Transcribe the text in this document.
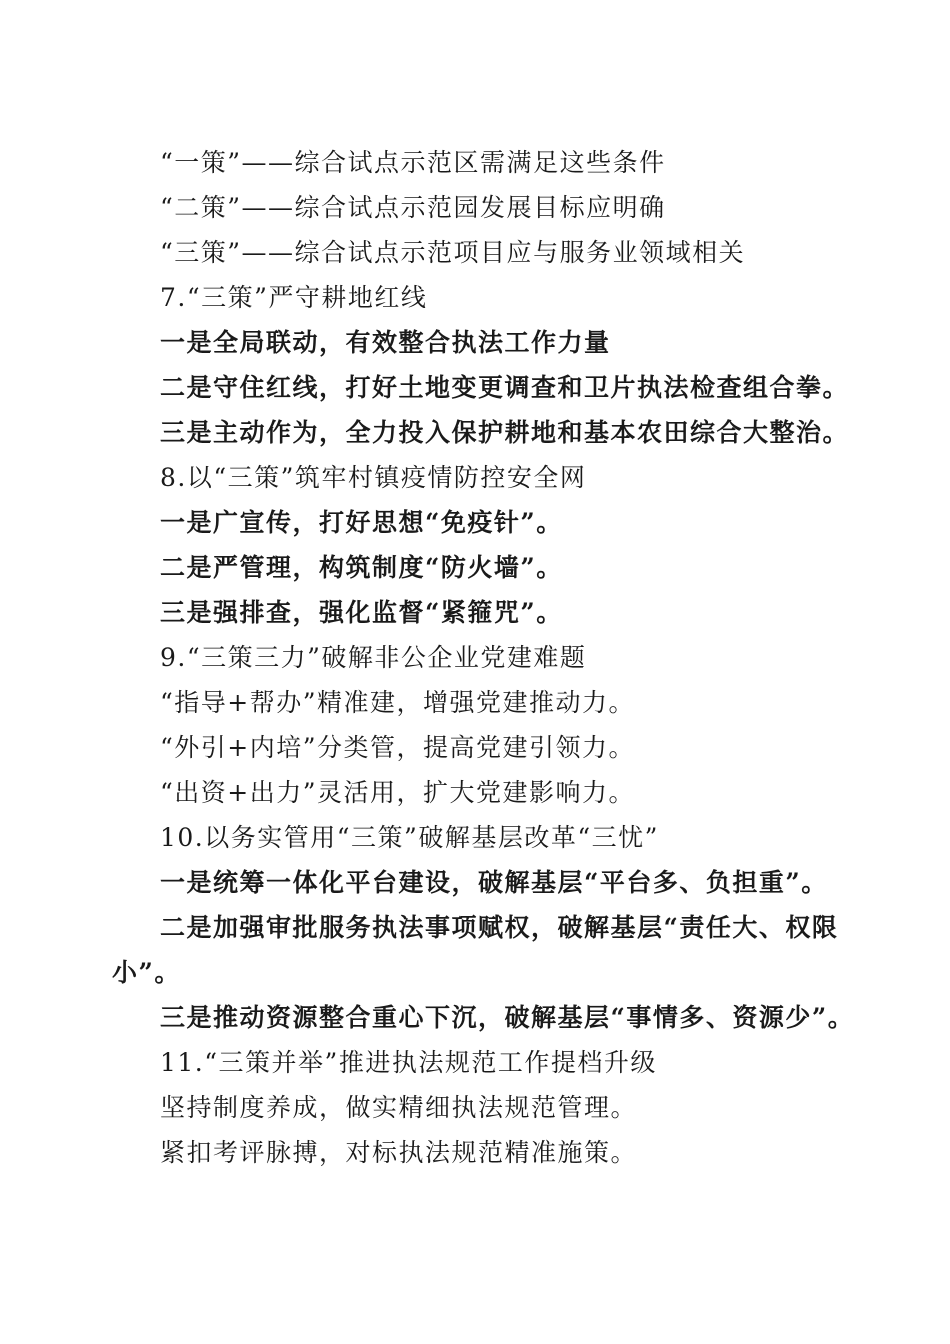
“一策”——综合试点示范区需满足这些条件
“二策”——综合试点示范园发展目标应明确
“三策”——综合试点示范项目应与服务业领域相关
7.“三策”严守耕地红线
一是全局联动，有效整合执法工作力量
二是守住红线，打好土地变更调查和卫片执法检查组合拳。
三是主动作为，全力投入保护耕地和基本农田综合大整治。
8.以“三策”筑牢村镇疫情防控安全网
一是广宣传，打好思想“免疫针”。
二是严管理，构筑制度“防火墙”。
三是强排查，强化监督“紧箍咒”。
9.“三策三力”破解非公企业党建难题
“指导+帮办”精准建，增强党建推动力。
“外引+内培”分类管，提高党建引领力。
“出资+出力”灵活用，扩大党建影响力。
10.以务实管用“三策”破解基层改革“三忧”
一是统筹一体化平台建设，破解基层“平台多、负担重”。
二是加强审批服务执法事项赋权，破解基层“责任大、权限
小”。
三是推动资源整合重心下沉，破解基层“事情多、资源少”。
11.“三策并举”推进执法规范工作提档升级
坚持制度养成，做实精细执法规范管理。
紧扣考评脉搏，对标执法规范精准施策。
